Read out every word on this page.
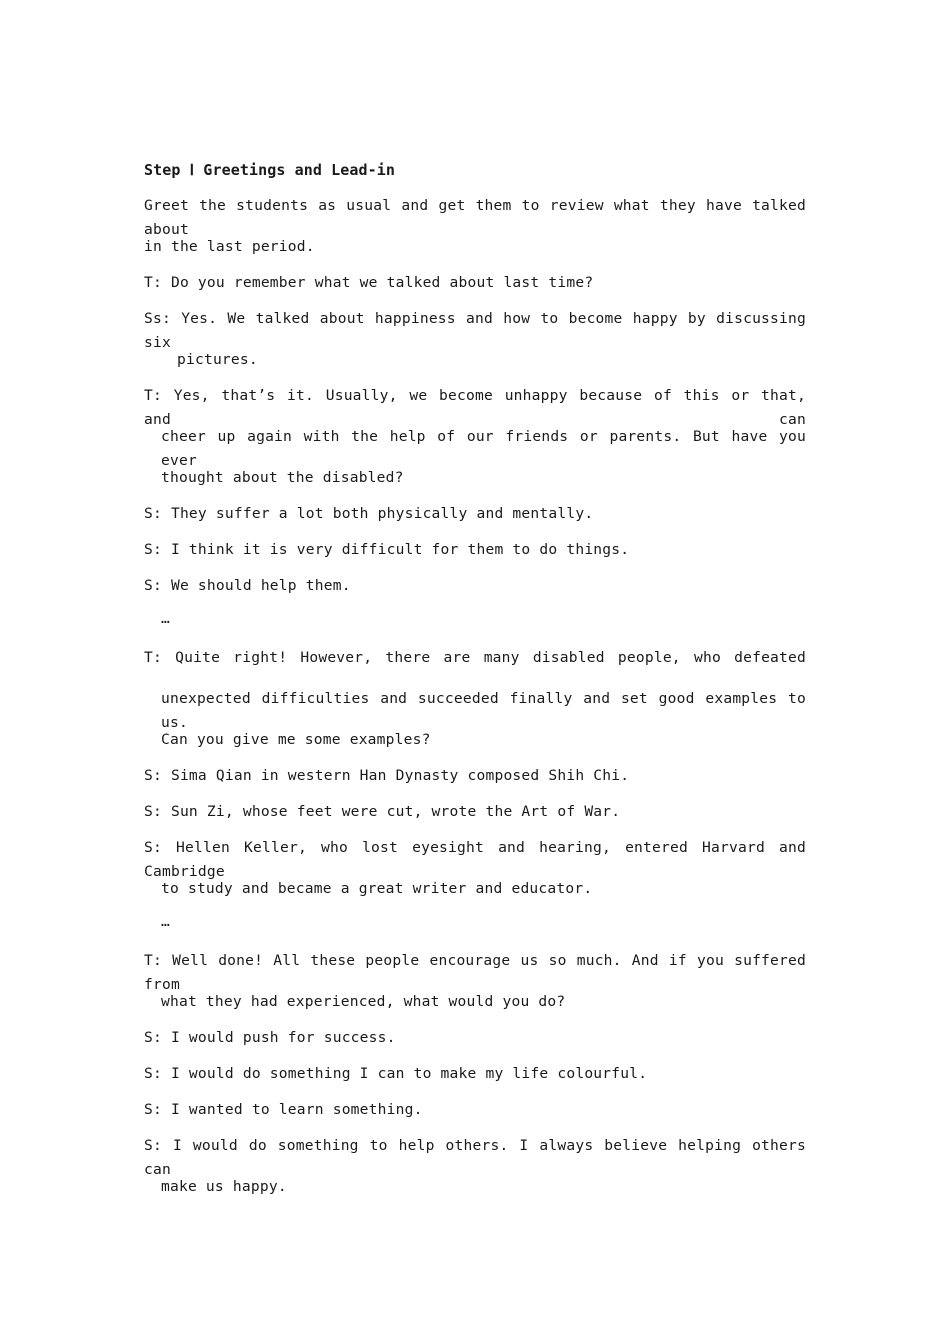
Step Ⅰ Greetings and Lead-in
Greet the students as usual and get them to review what they have talked about
in the last period.
T: Do you remember what we talked about last time?
Ss: Yes. We talked about happiness and how to become happy by discussing six
pictures.
T: Yes, that’s it. Usually, we become unhappy because of this or that, and can
cheer up again with the help of our friends or parents. But have you ever
thought about the disabled?
S: They suffer a lot both physically and mentally.
S: I think it is very difficult for them to do things.
S: We should help them.
…
T: Quite right! However, there are many disabled people, who defeated
unexpected difficulties and succeeded finally and set good examples to us.
Can you give me some examples?
S: Sima Qian in western Han Dynasty composed Shih Chi.
S: Sun Zi, whose feet were cut, wrote the Art of War.
S: Hellen Keller, who lost eyesight and hearing, entered Harvard and Cambridge
to study and became a great writer and educator.
…
T: Well done! All these people encourage us so much. And if you suffered from
what they had experienced, what would you do?
S: I would push for success.
S: I would do something I can to make my life colourful.
S: I wanted to learn something.
S: I would do something to help others. I always believe helping others can
make us happy.
